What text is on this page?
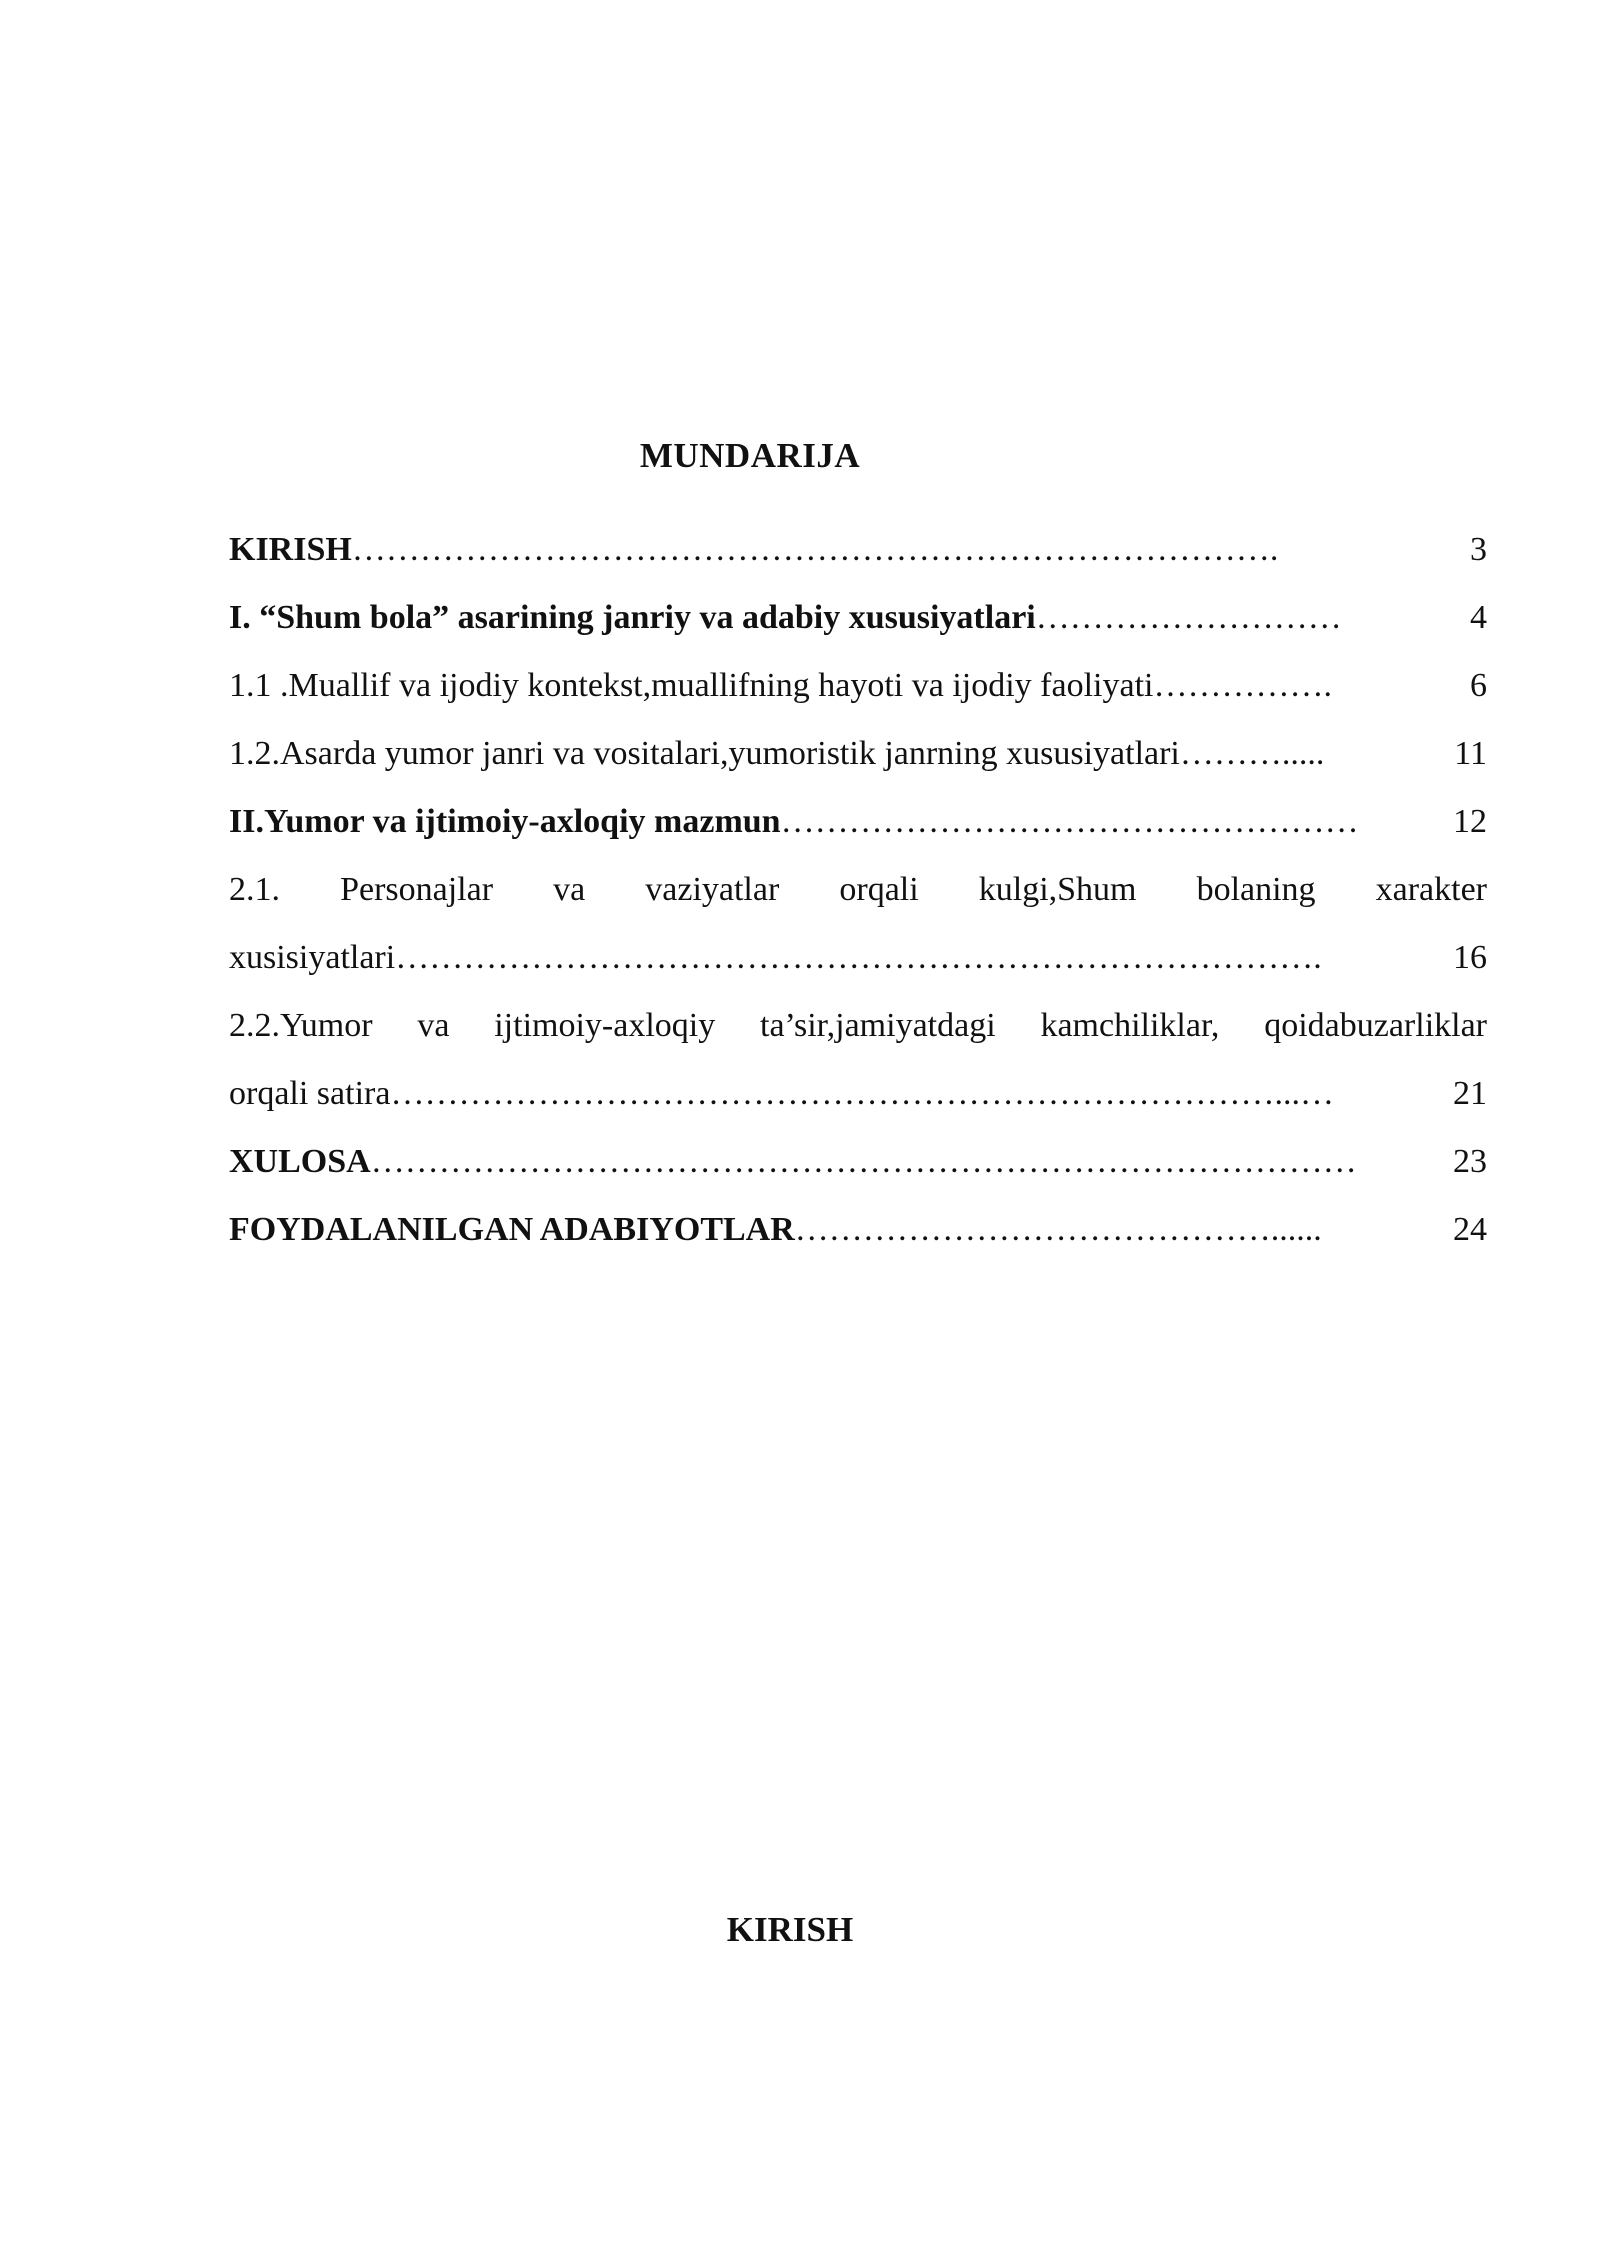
MUNDARIJA
KIRISH……………………………………………………………………….	3
I. “Shum bola” asarining janriy va adabiy xususiyatlari………………………	4
1.1 .Muallif va ijodiy kontekst,muallifning hayoti va ijodiy faoliyati…………….	6
1.2.Asarda yumor janri va vositalari,yumoristik janrning xususiyatlari……….....	11
II.Yumor va ijtimoiy-axloqiy mazmun……………………………………………	12
2.1. Personajlar va vaziyatlar orqali kulgi,Shum bolaning xarakter
xusisiyatlari……………………………………………………………………….	16
2.2.Yumor va ijtimoiy-axloqiy ta’sir,jamiyatdagi kamchiliklar, qoidabuzarliklar
orqali satira……………………………………………………………………...…	21
XULOSA……………………………………………………………………………	23
FOYDALANILGAN ADABIYOTLAR……………………………………......	24
KIRISH
